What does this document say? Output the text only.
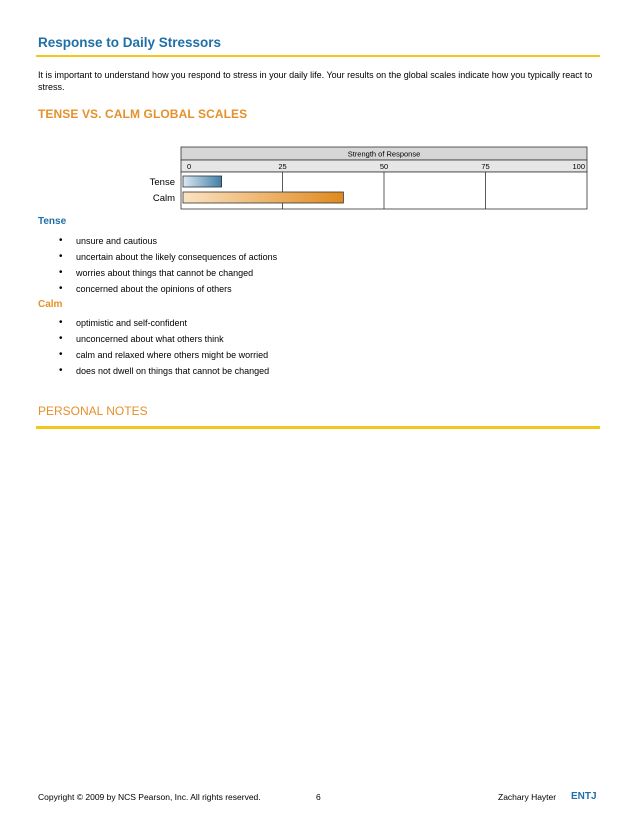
Response to Daily Stressors
It is important to understand how you respond to stress in your daily life. Your results on the global scales indicate how you typically react to stress.
TENSE VS. CALM GLOBAL SCALES
Strength of Response
0	25	50	75	100
Tense
Calm
Tense
• unsure and cautious
• uncertain about the likely consequences of actions
• worries about things that cannot be changed
• concerned about the opinions of others
Calm
• optimistic and self-confident
• unconcerned about what others think
• calm and relaxed where others might be worried
• does not dwell on things that cannot be changed
PERSONAL NOTES
Copyright © 2009 by NCS Pearson, Inc. All rights reserved.	6	Zachary Hayter ENTJ
